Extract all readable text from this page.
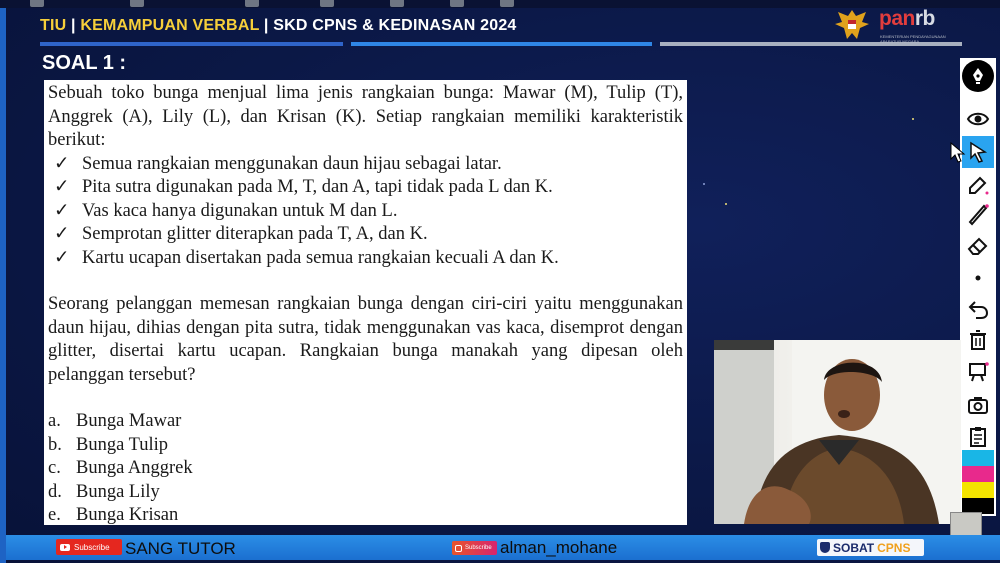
TIU | KEMAMPUAN VERBAL | SKD CPNS & KEDINASAN 2024	panrb
KEMENTERIAN PENDAYAGUNAAN APARATUR NEGARA
SOAL 1 :

Sebuah toko bunga menjual lima jenis rangkaian bunga: Mawar (M), Tulip (T), Anggrek (A), Lily (L), dan Krisan (K). Setiap rangkaian memiliki karakteristik berikut:

✓ Semua rangkaian menggunakan daun hijau sebagai latar.
✓ Pita sutra digunakan pada M, T, dan A, tapi tidak pada L dan K.
✓ Vas kaca hanya digunakan untuk M dan L.
✓ Semprotan glitter diterapkan pada T, A, dan K.
✓ Kartu ucapan disertakan pada semua rangkaian kecuali A dan K.

Seorang pelanggan memesan rangkaian bunga dengan ciri-ciri yaitu menggunakan daun hijau, dihias dengan pita sutra, tidak menggunakan vas kaca, disemprot dengan glitter, disertai kartu ucapan. Rangkaian bunga manakah yang dipesan oleh pelanggan tersebut?

a. Bunga Mawar
b. Bunga Tulip
c. Bunga Anggrek
d. Bunga Lily
e. Bunga Krisan
Subscribe SANG TUTOR	Subscribe alman_mohane	SOBAT CPNS
